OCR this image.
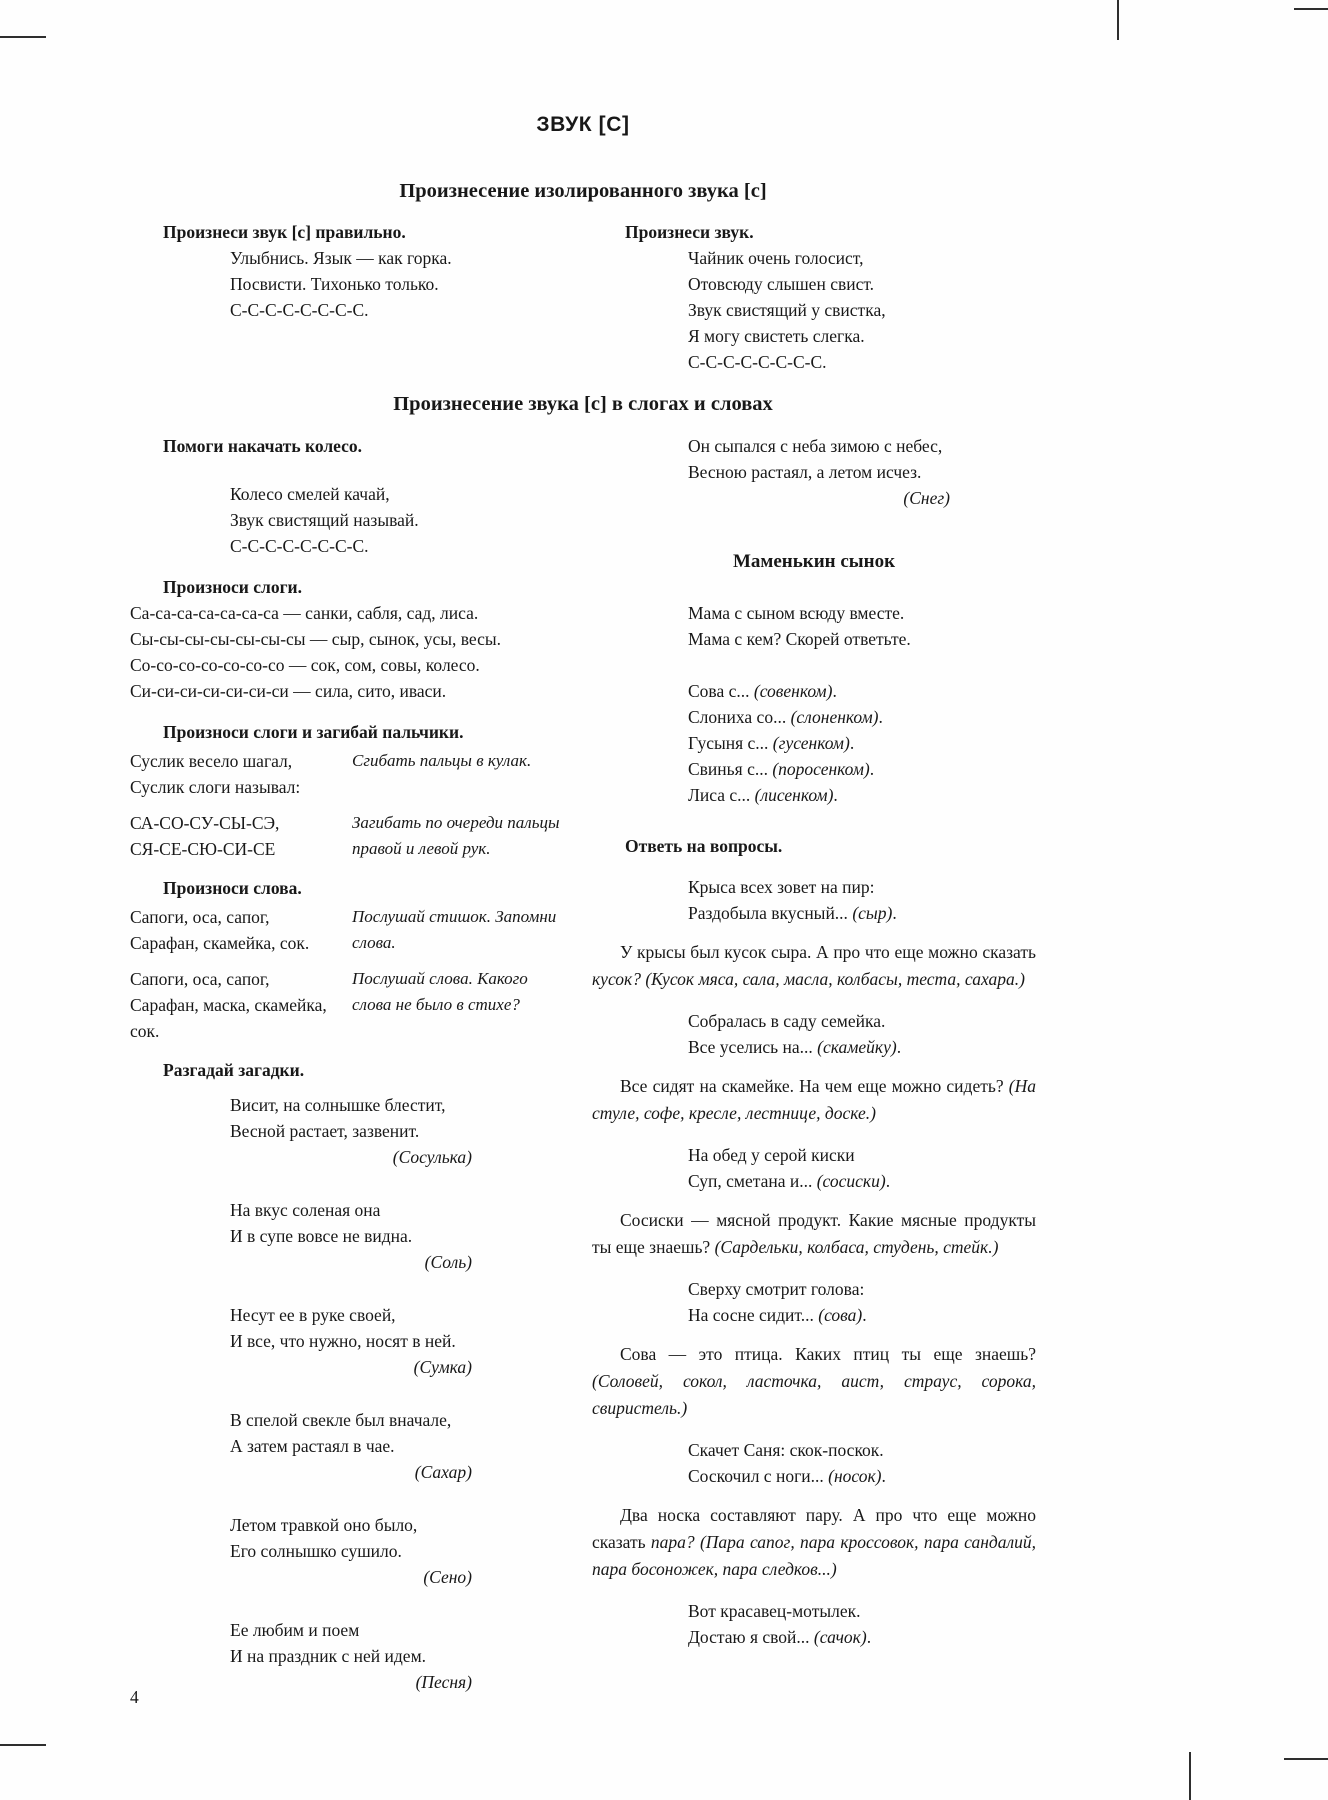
ЗВУК [С]
Произнесение изолированного звука [с]

Произнеси звук [с] правильно.

Улыбнись. Язык — как горка.
Посвисти. Тихонько только.
С-С-С-С-С-С-С-С.

Произнеси звук.

Чайник очень голосист,
Отовсюду слышен свист.
Звук свистящий у свистка,
Я могу свистеть слегка.
С-С-С-С-С-С-С-С.
Произнесение звука [с] в слогах и словах

Помоги накачать колесо.

Колесо смелей качай,
Звук свистящий называй.
С-С-С-С-С-С-С-С.

Произноси слоги.

Са-са-са-са-са-са-са — санки, сабля, сад, лиса.
Сы-сы-сы-сы-сы-сы-сы — сыр, сынок, усы, весы.
Со-со-со-со-со-со-со — сок, сом, совы, колесо.
Си-си-си-си-си-си-си — сила, сито, иваси.

Произноси слоги и загибай пальчики.

Суслик весело шагал,
Суслик слоги называл:
Сгибать пальцы в кулак.
СА-СО-СУ-СЫ-СЭ,
СЯ-СЕ-СЮ-СИ-СЕ
Загибать по очереди пальцы правой и левой рук.

Произноси слова.

Сапоги, оса, сапог,
Сарафан, скамейка, сок.
Послушай стишок. Запомни слова.
Сапоги, оса, сапог,
Сарафан, маска, скамейка, сок.
Послушай слова. Какого слова не было в стихе?

Разгадай загадки.

Висит, на солнышке блестит,
Весной растает, зазвенит.
(Сосулька)
На вкус соленая она
И в супе вовсе не видна.
(Соль)
Несут ее в руке своей,
И все, что нужно, носят в ней.
(Сумка)
В спелой свекле был вначале,
А затем растаял в чае.
(Сахар)
Летом травкой оно было,
Его солнышко сушило.
(Сено)
Ее любим и поем
И на праздник с ней идем.
(Песня)
Он сыпался с неба зимою с небес,
Весною растаял, а летом исчез.
(Снег)
Маменькин сынок
Мама с сыном всюду вместе.
Мама с кем? Скорей ответьте.
Сова с... (совенком).
Слониха со... (слоненком).
Гусыня с... (гусенком).
Свинья с... (поросенком).
Лиса с... (лисенком).

Ответь на вопросы.

Крыса всех зовет на пир:
Раздобыла вкусный... (сыр).

У крысы был кусок сыра. А про что еще можно сказать кусок? (Кусок мяса, сала, масла, колбасы, теста, сахара.)

Собралась в саду семейка.
Все уселись на... (скамейку).

Все сидят на скамейке. На чем еще можно сидеть? (На стуле, софе, кресле, лестнице, доске.)

На обед у серой киски
Суп, сметана и... (сосиски).

Сосиски — мясной продукт. Какие мясные продукты ты еще знаешь? (Сардельки, колбаса, студень, стейк.)

Сверху смотрит голова:
На сосне сидит... (сова).

Сова — это птица. Каких птиц ты еще знаешь? (Соловей, сокол, ласточка, аист, страус, сорока, свиристель.)

Скачет Саня: скок-поскок.
Соскочил с ноги... (носок).

Два носка составляют пару. А про что еще можно сказать пара? (Пара сапог, пара кроссовок, пара сандалий, пара босоножек, пара следков...)

Вот красавец-мотылек.
Достаю я свой... (сачок).
4
